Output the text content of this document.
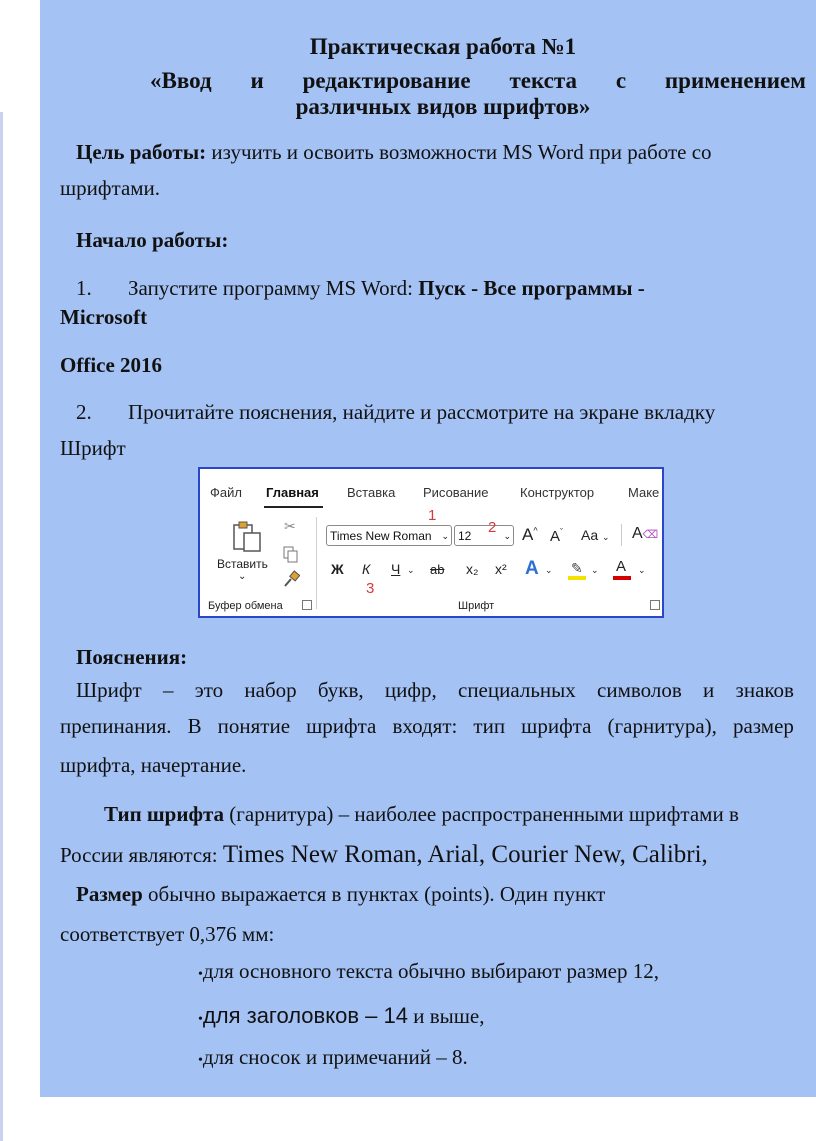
Практическая работа №1
«Ввод и редактирование текста с применением
различных видов шрифтов»
Цель работы: изучить и освоить возможности MS Word при работе со
шрифтами.
Начало работы:
1. Запустите программу MS Word: Пуск - Все программы -
Microsoft
Office 2016
2. Прочитайте пояснения, найдите и рассмотрите на экране вкладку
Шрифт
Файл Главная Вставка Рисование Конструктор	Маке
Вставить
⌄
✂
Буфер обмена
Times New Roman ⌄ 12	⌄ A^ $A^ˇ$ Aa ⌄ A⌫
Ж К Ч ⌄ ab x₂ x² A ⌄ ✎ ⌄ A ⌄
Шрифт
1
2
3
Пояснения:
Шрифт – это набор букв, цифр, специальных символов и знаков
препинания. В понятие шрифта входят: тип шрифта (гарнитура), размер
шрифта, начертание.
Тип шрифта (гарнитура) – наиболее распространенными шрифтами в
России являются: Times New Roman, Arial, Courier New, Calibri,
Размер обычно выражается в пунктах (points). Один пункт
соответствует 0,376 мм:
•для основного текста обычно выбирают размер 12,
•для заголовков – 14 и выше,
•для сносок и примечаний – 8.
